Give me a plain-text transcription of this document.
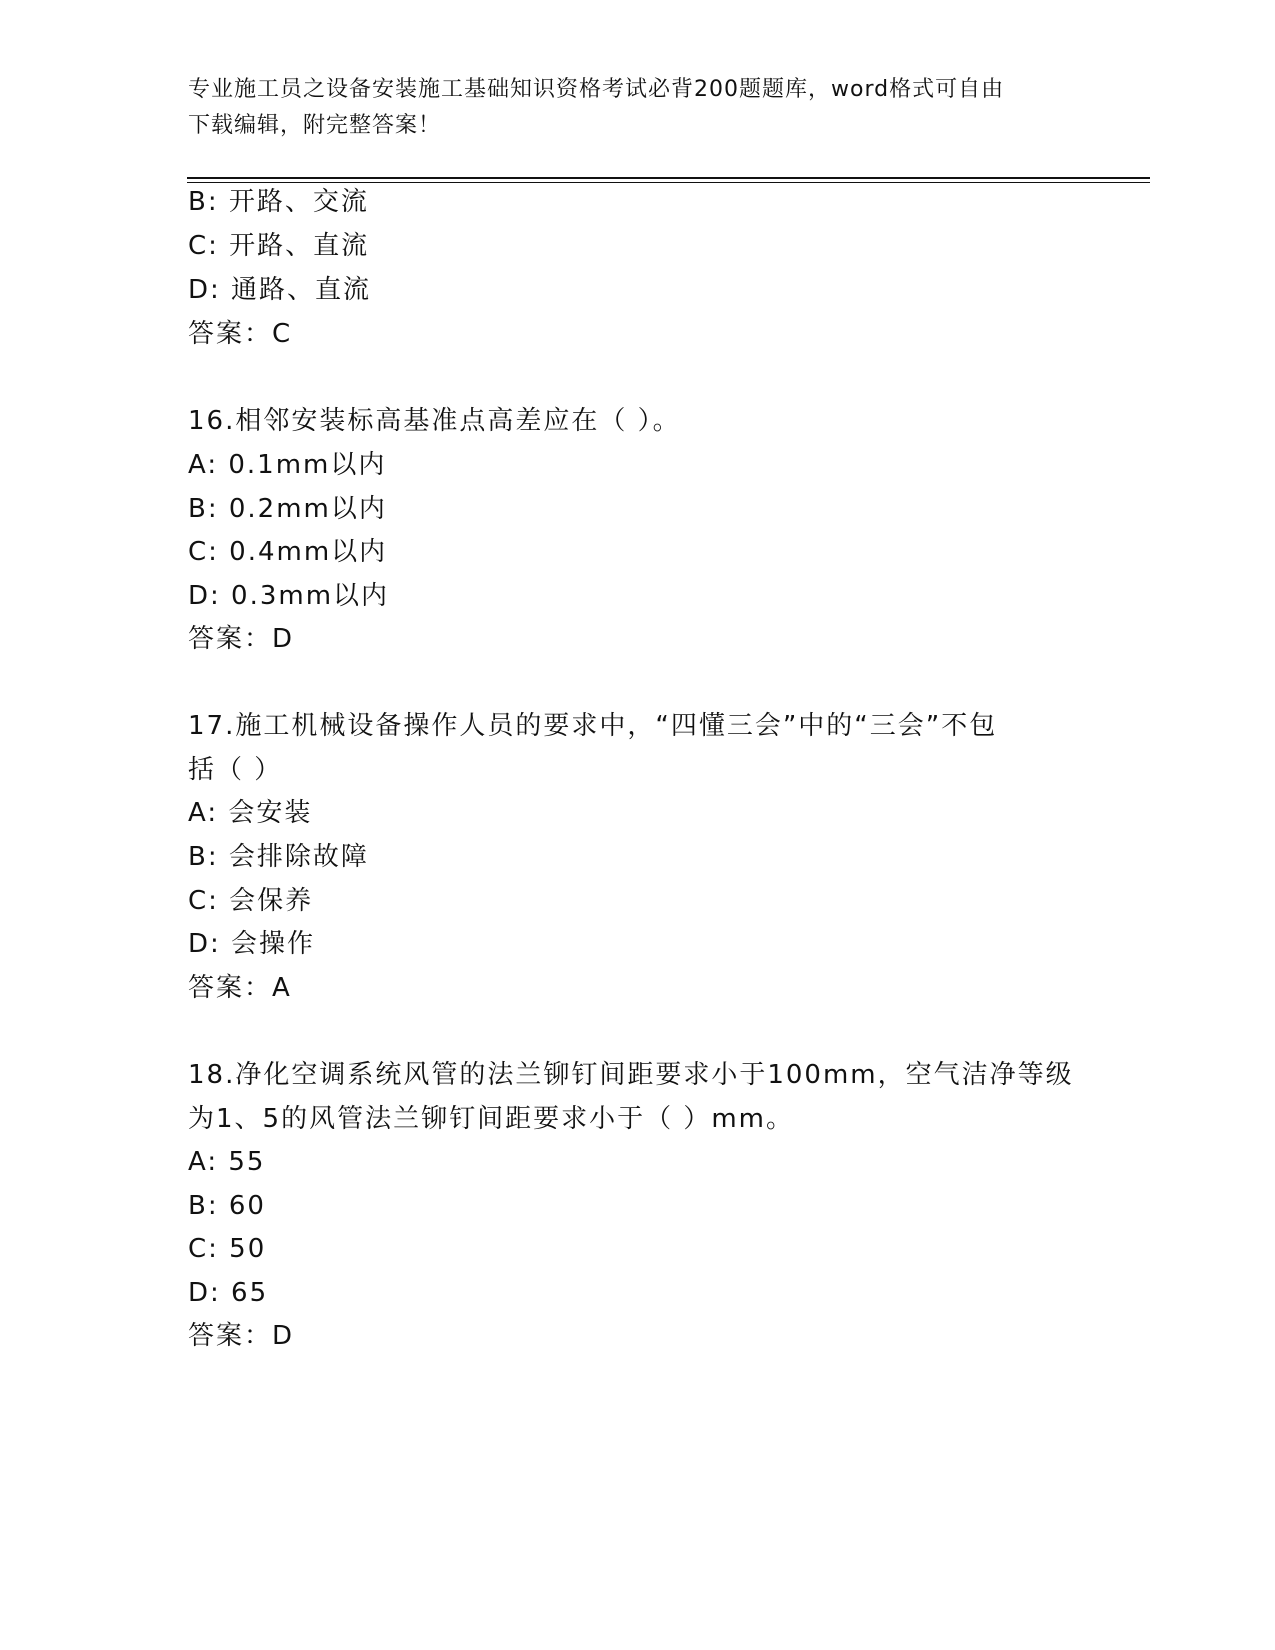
专业施工员之设备安装施工基础知识资格考试必背200题题库，word格式可自由
下载编辑，附完整答案！
B: 开路、交流
C: 开路、直流
D: 通路、直流
答案：C
16.相邻安装标高基准点高差应在（ ）。
A: 0.1mm以内
B: 0.2mm以内
C: 0.4mm以内
D: 0.3mm以内
答案：D
17.施工机械设备操作人员的要求中，“四懂三会”中的“三会”不包
括（ ）
A: 会安装
B: 会排除故障
C: 会保养
D: 会操作
答案：A
18.净化空调系统风管的法兰铆钉间距要求小于100mm，空气洁净等级
为1、5的风管法兰铆钉间距要求小于（ ）mm。
A: 55
B: 60
C: 50
D: 65
答案：D
